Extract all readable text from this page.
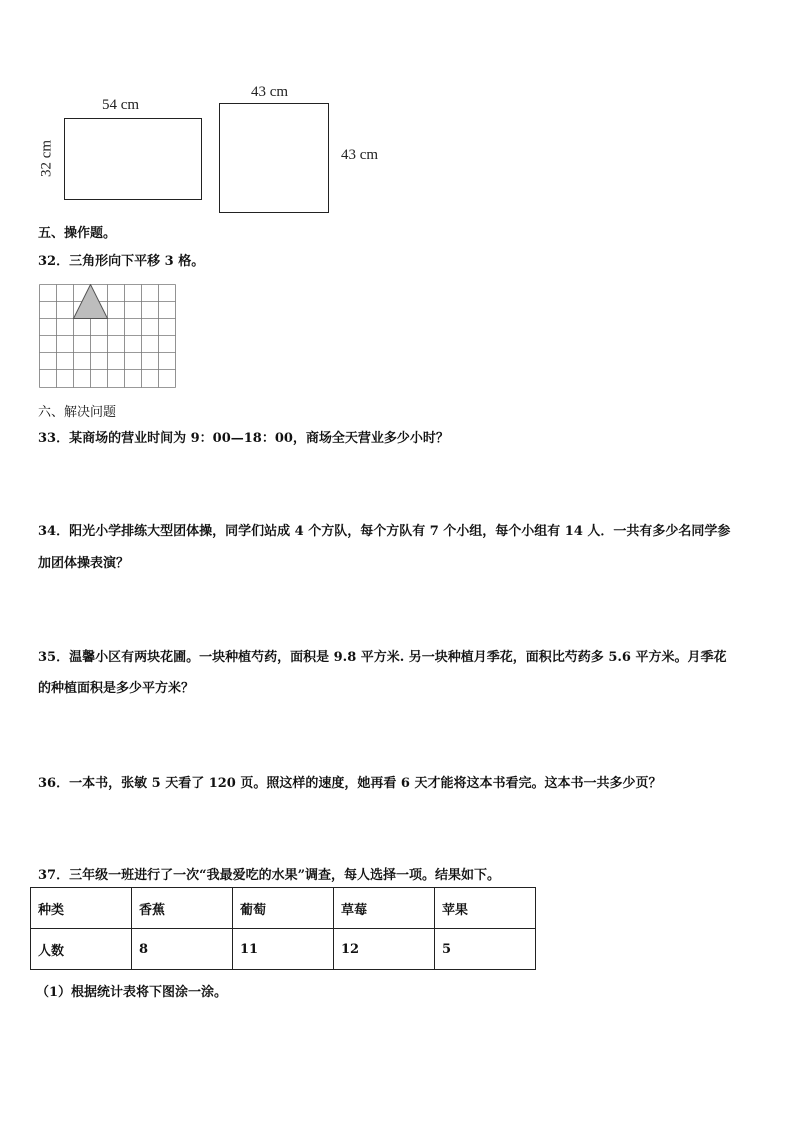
54 cm
32 cm
43 cm
43 cm
五、操作题。
32．三角形向下平移 3 格。
六、解决问题
33．某商场的营业时间为 9：00—18：00，商场全天营业多少小时？
34．阳光小学排练大型团体操，同学们站成 4 个方队，每个方队有 7 个小组，每个小组有 14 人．一共有多少名同学参
加团体操表演？
35．温馨小区有两块花圃。一块种植芍药，面积是 9.8 平方米. 另一块种植月季花，面积比芍药多 5.6 平方米。月季花
的种植面积是多少平方米？
36．一本书，张敏 5 天看了 120 页。照这样的速度，她再看 6 天才能将这本书看完。这本书一共多少页？
37．三年级一班进行了一次“我最爱吃的水果”调查，每人选择一项。结果如下。
种类	香蕉	葡萄	草莓	苹果
人数	8	11	12	5
（1）根据统计表将下图涂一涂。
